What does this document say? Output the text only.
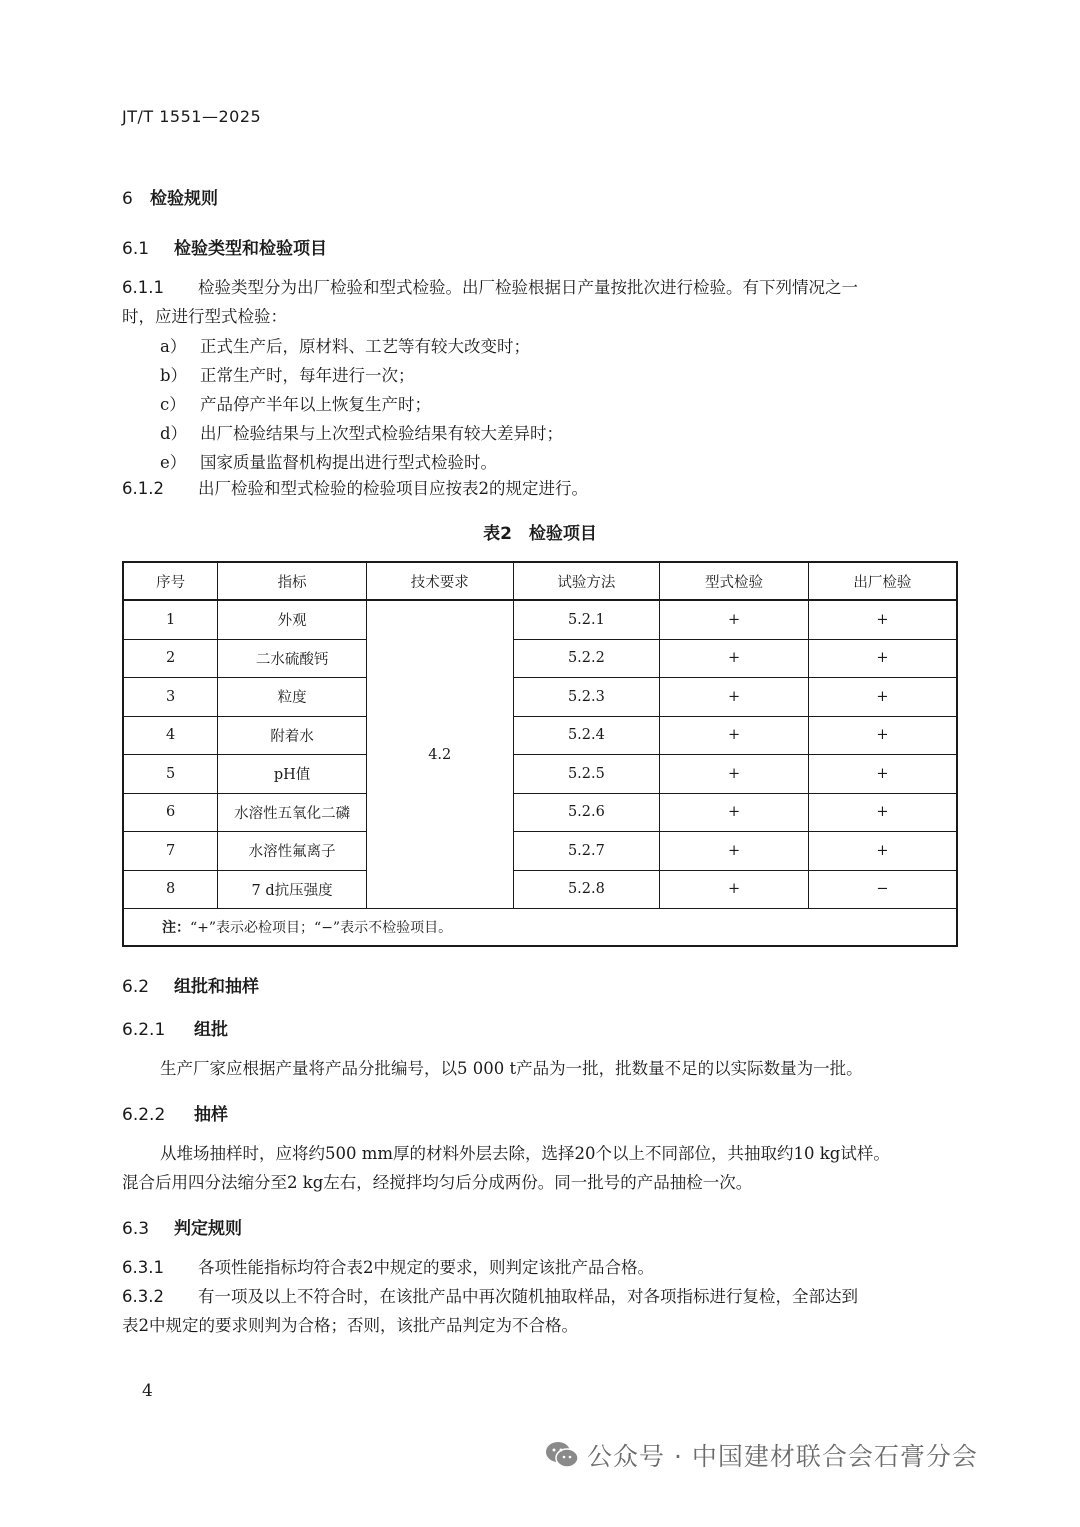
JT/T 1551—2025
6 检验规则
6.1 检验类型和检验项目
6.1.1 检验类型分为出厂检验和型式检验。出厂检验根据日产量按批次进行检验。有下列情况之一
时，应进行型式检验：
a） 正式生产后，原材料、工艺等有较大改变时；
b） 正常生产时，每年进行一次；
c） 产品停产半年以上恢复生产时；
d） 出厂检验结果与上次型式检验结果有较大差异时；
e） 国家质量监督机构提出进行型式检验时。
6.1.2 出厂检验和型式检验的检验项目应按表2的规定进行。
表2　检验项目
序号	指标	技术要求	试验方法	型式检验	出厂检验
1	外观	4.2	5.2.1	+	+
2	二水硫酸钙		5.2.2	+	+
3	粒度		5.2.3	+	+
4	附着水		5.2.4	+	+
5	pH值		5.2.5	+	+
6	水溶性五氧化二磷		5.2.6	+	+
7	水溶性氟离子		5.2.7	+	+
8	7 d抗压强度		5.2.8	+	−
注：“+”表示必检项目；“−”表示不检验项目。					
6.2 组批和抽样
6.2.1 组批
生产厂家应根据产量将产品分批编号，以5 000 t产品为一批，批数量不足的以实际数量为一批。
6.2.2 抽样
从堆场抽样时，应将约500 mm厚的材料外层去除，选择20个以上不同部位，共抽取约10 kg试样。
混合后用四分法缩分至2 kg左右，经搅拌均匀后分成两份。同一批号的产品抽检一次。
6.3 判定规则
6.3.1 各项性能指标均符合表2中规定的要求，则判定该批产品合格。
6.3.2 有一项及以上不符合时，在该批产品中再次随机抽取样品，对各项指标进行复检，全部达到
表2中规定的要求则判为合格；否则，该批产品判定为不合格。
4
公众号 · 中国建材联合会石膏分会
